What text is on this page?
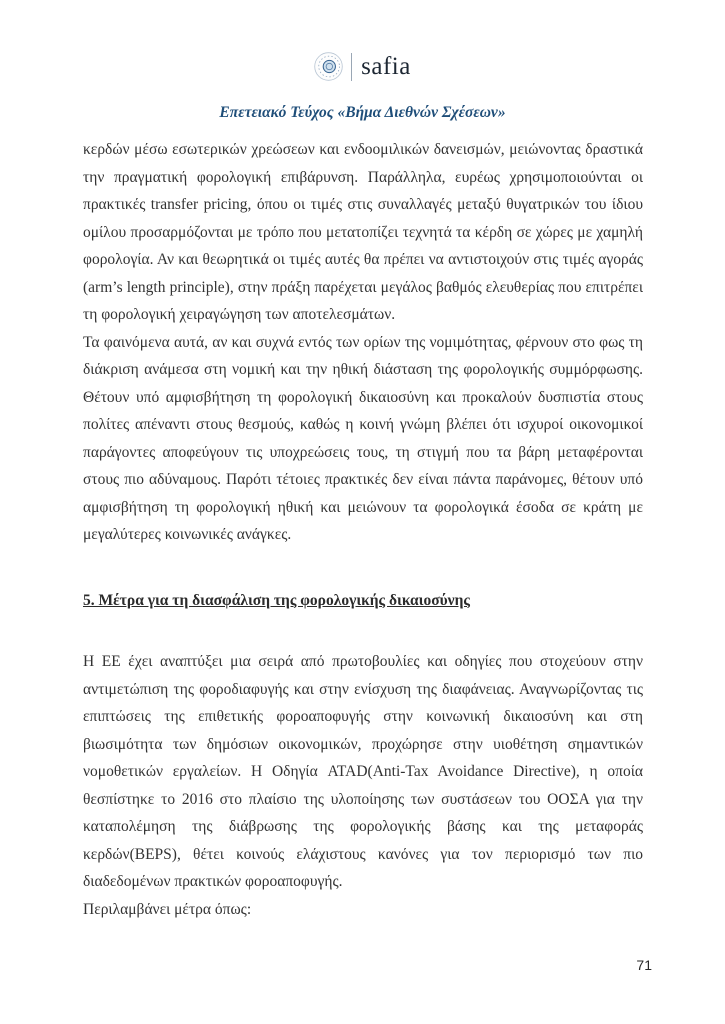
safia
Επετειακό Τεύχος «Βήμα Διεθνών Σχέσεων»

κερδών μέσω εσωτερικών χρεώσεων και ενδοομιλικών δανεισμών, μειώνοντας δραστικά την πραγματική φορολογική επιβάρυνση. Παράλληλα, ευρέως χρησιμοποιούνται οι πρακτικές transfer pricing, όπου οι τιμές στις συναλλαγές μεταξύ θυγατρικών του ίδιου ομίλου προσαρμόζονται με τρόπο που μετατοπίζει τεχνητά τα κέρδη σε χώρες με χαμηλή φορολογία. Αν και θεωρητικά οι τιμές αυτές θα πρέπει να αντιστοιχούν στις τιμές αγοράς (arm’s length principle), στην πράξη παρέχεται μεγάλος βαθμός ελευθερίας που επιτρέπει τη φορολογική χειραγώγηση των αποτελεσμάτων.

Τα φαινόμενα αυτά, αν και συχνά εντός των ορίων της νομιμότητας, φέρνουν στο φως τη διάκριση ανάμεσα στη νομική και την ηθική διάσταση της φορολογικής συμμόρφωσης. Θέτουν υπό αμφισβήτηση τη φορολογική δικαιοσύνη και προκαλούν δυσπιστία στους πολίτες απέναντι στους θεσμούς, καθώς η κοινή γνώμη βλέπει ότι ισχυροί οικονομικοί παράγοντες αποφεύγουν τις υποχρεώσεις τους, τη στιγμή που τα βάρη μεταφέρονται στους πιο αδύναμους. Παρότι τέτοιες πρακτικές δεν είναι πάντα παράνομες, θέτουν υπό αμφισβήτηση τη φορολογική ηθική και μειώνουν τα φορολογικά έσοδα σε κράτη με μεγαλύτερες κοινωνικές ανάγκες.

5. Μέτρα για τη διασφάλιση της φορολογικής δικαιοσύνης

Η ΕΕ έχει αναπτύξει μια σειρά από πρωτοβουλίες και οδηγίες που στοχεύουν στην αντιμετώπιση της φοροδιαφυγής και στην ενίσχυση της διαφάνειας. Αναγνωρίζοντας τις επιπτώσεις της επιθετικής φοροαποφυγής στην κοινωνική δικαιοσύνη και στη βιωσιμότητα των δημόσιων οικονομικών, προχώρησε στην υιοθέτηση σημαντικών νομοθετικών εργαλείων. Η Οδηγία ATAD(Anti-Tax Avoidance Directive), η οποία θεσπίστηκε το 2016 στο πλαίσιο της υλοποίησης των συστάσεων του ΟΟΣΑ για την καταπολέμηση της διάβρωσης της φορολογικής βάσης και της μεταφοράς κερδών(BEPS), θέτει κοινούς ελάχιστους κανόνες για τον περιορισμό των πιο διαδεδομένων πρακτικών φοροαποφυγής.

Περιλαμβάνει μέτρα όπως:

71
